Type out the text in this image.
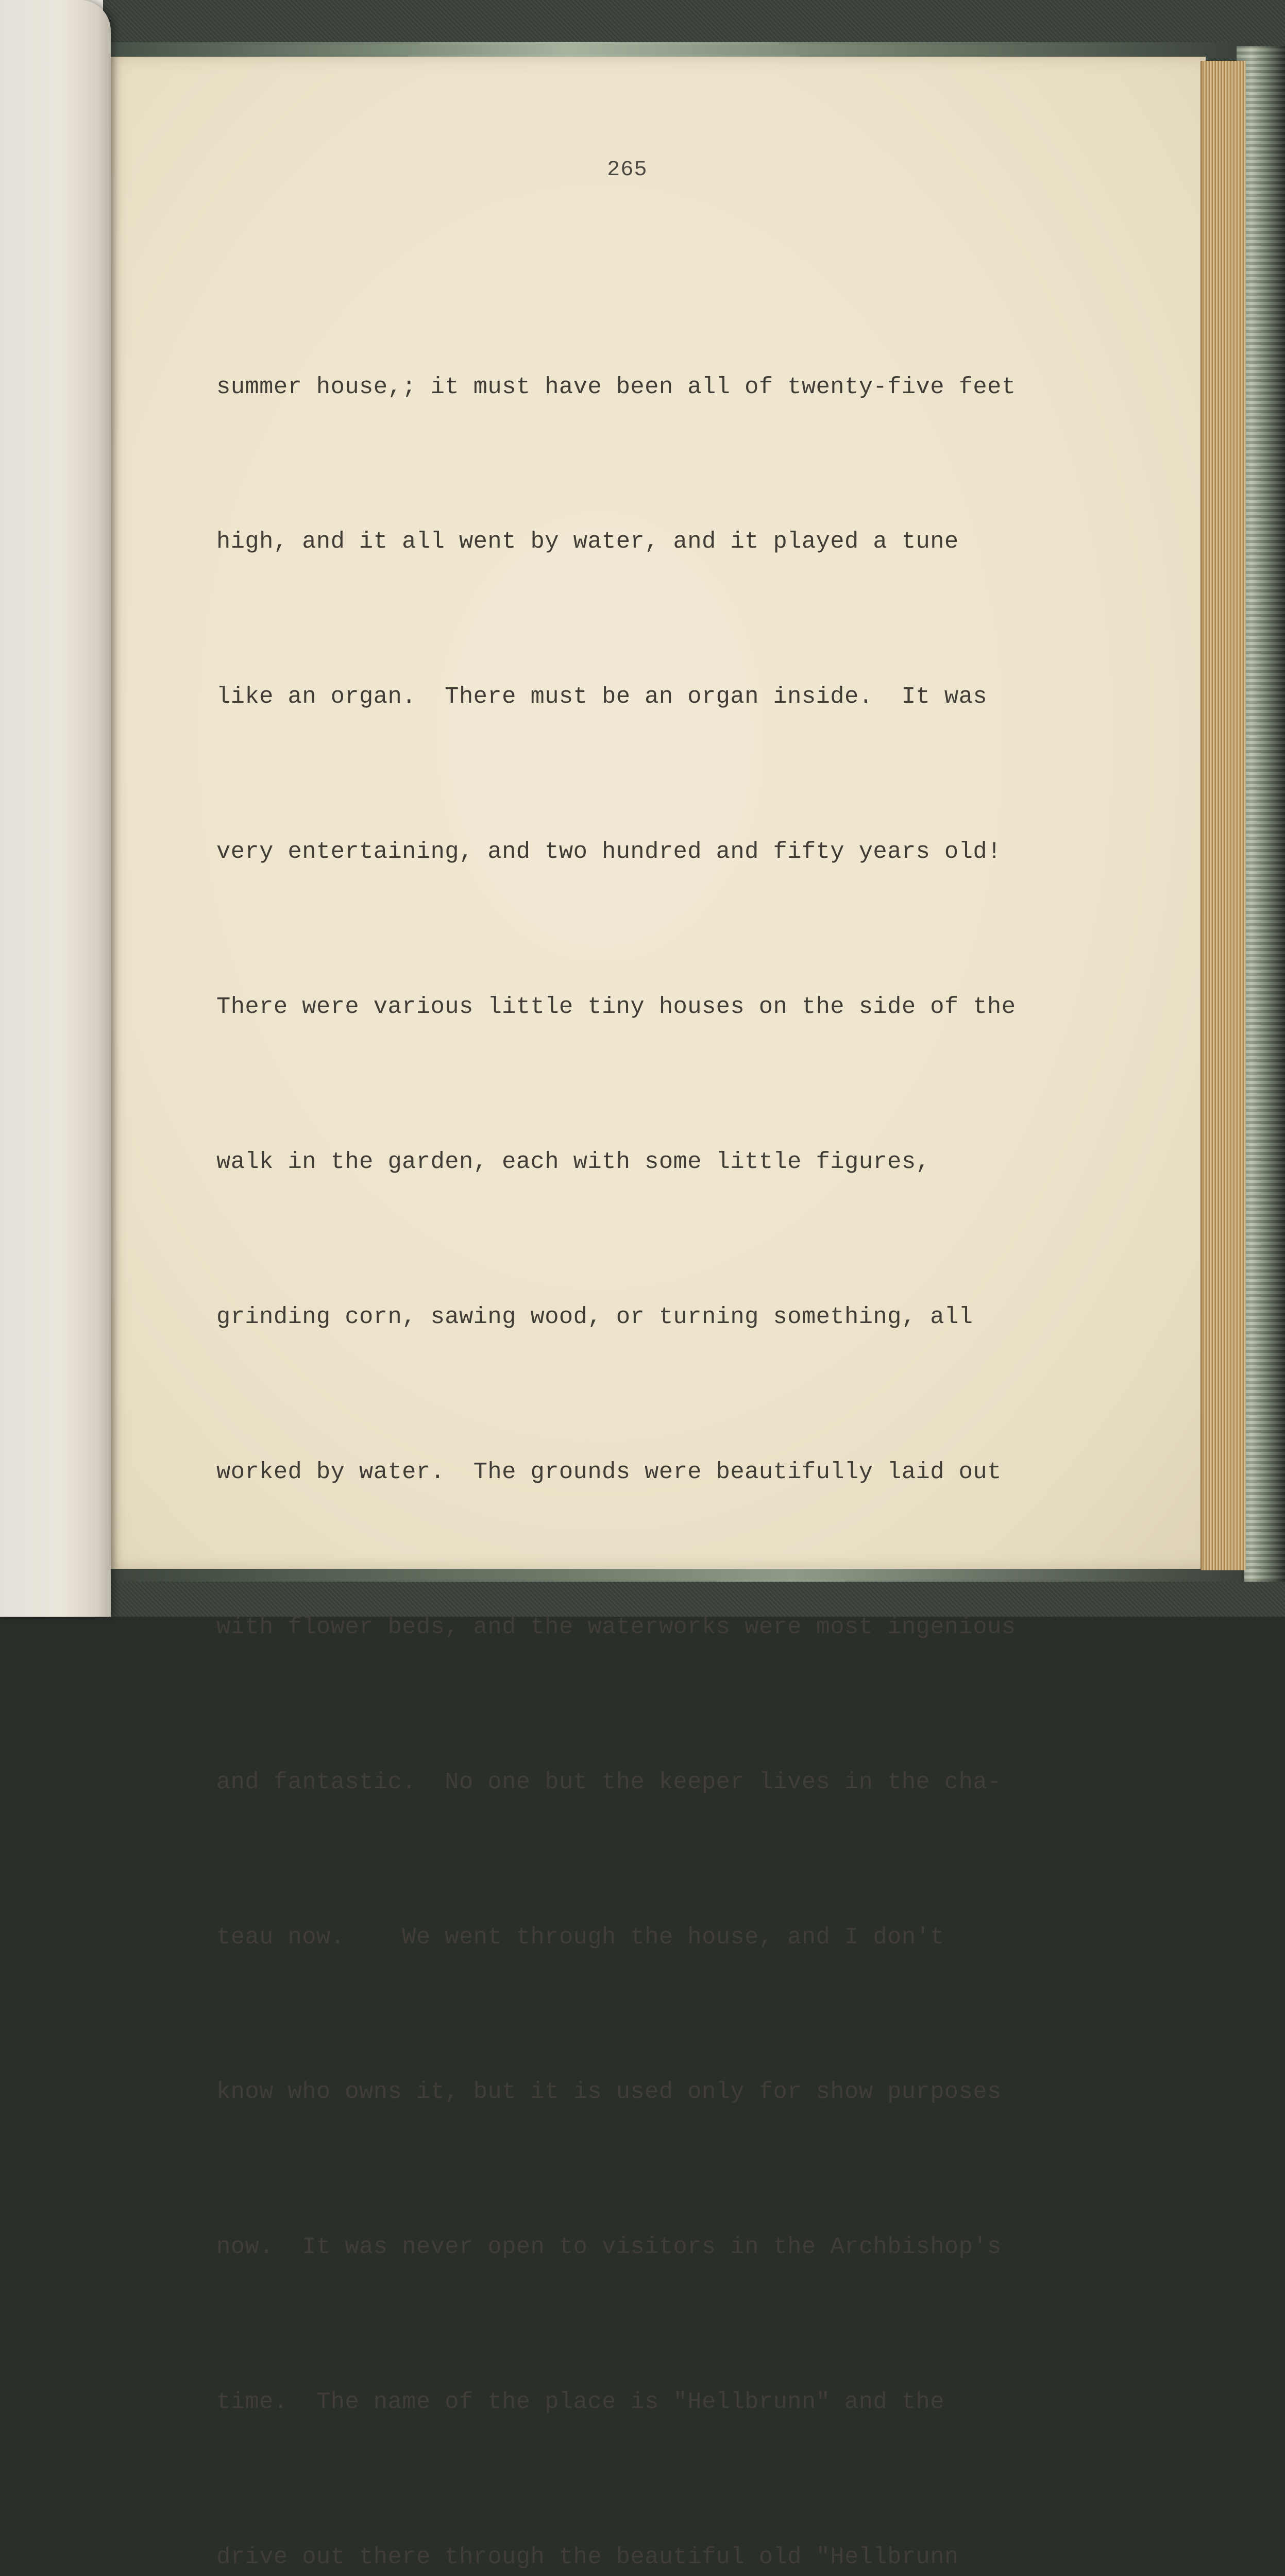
265

summer house,; it must have been all of twenty-five feet

high, and it all went by water, and it played a tune

like an organ.  There must be an organ inside.  It was

very entertaining, and two hundred and fifty years old!

There were various little tiny houses on the side of the

walk in the garden, each with some little figures,

grinding corn, sawing wood, or turning something, all

worked by water.  The grounds were beautifully laid out

with flower beds, and the waterworks were most ingenious

and fantastic.  No one but the keeper lives in the cha-

teau now.    We went through the house, and I don't

know who owns it, but it is used only for show purposes

now.  It was never open to visitors in the Archbishop's

time.  The name of the place is "Hellbrunn" and the

drive out there through the beautiful old "Hellbrunn
